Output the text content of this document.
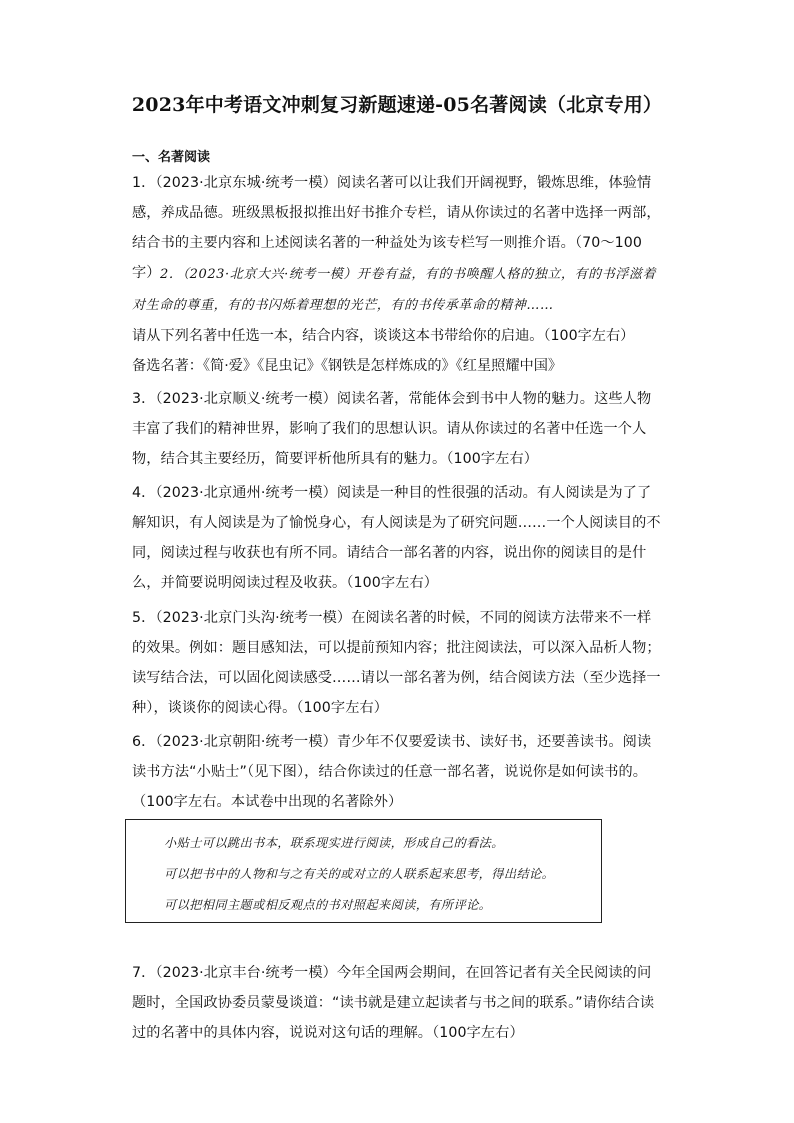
2023年中考语文冲刺复习新题速递-05名著阅读（北京专用）
一、名著阅读
1．（2023·北京东城·统考一模）阅读名著可以让我们开阔视野，锻炼思维，体验情感，养成品德。班级黑板报拟推出好书推介专栏，请从你读过的名著中选择一两部，结合书的主要内容和上述阅读名著的一种益处为该专栏写一则推介语。（70～100字） 2．（2023·北京大兴·统考一模）开卷有益，有的书唤醒人格的独立，有的书浮滋着
对生命的尊重，有的书闪烁着理想的光芒，有的书传承革命的精神……
请从下列名著中任选一本，结合内容，谈谈这本书带给你的启迪。（100字左右）
备选名著：《简·爱》《昆虫记》《钢铁是怎样炼成的》《红星照耀中国》
3．（2023·北京顺义·统考一模）阅读名著，常能体会到书中人物的魅力。这些人物丰富了我们的精神世界，影响了我们的思想认识。请从你读过的名著中任选一个人物，结合其主要经历，简要评析他所具有的魅力。（100字左右）
4．（2023·北京通州·统考一模）阅读是一种目的性很强的活动。有人阅读是为了了解知识，有人阅读是为了愉悦身心，有人阅读是为了研究问题……一个人阅读目的不同，阅读过程与收获也有所不同。请结合一部名著的内容，说出你的阅读目的是什么，并简要说明阅读过程及收获。（100字左右）
5．（2023·北京门头沟·统考一模）在阅读名著的时候，不同的阅读方法带来不一样的效果。例如：题目感知法，可以提前预知内容；批注阅读法，可以深入品析人物；读写结合法，可以固化阅读感受……请以一部名著为例，结合阅读方法（至少选择一种），谈谈你的阅读心得。（100字左右）
6．（2023·北京朝阳·统考一模）青少年不仅要爱读书、读好书，还要善读书。阅读读书方法“小贴士”（见下图），结合你读过的任意一部名著，说说你是如何读书的。（100字左右。本试卷中出现的名著除外）
小贴士可以跳出书本，联系现实进行阅读，形成自己的看法。
可以把书中的人物和与之有关的或对立的人联系起来思考，得出结论。
可以把相同主题或相反观点的书对照起来阅读，有所评论。
7．（2023·北京丰台·统考一模）今年全国两会期间，在回答记者有关全民阅读的问题时，全国政协委员蒙曼谈道：“读书就是建立起读者与书之间的联系。”请你结合读过的名著中的具体内容，说说对这句话的理解。（100字左右）
